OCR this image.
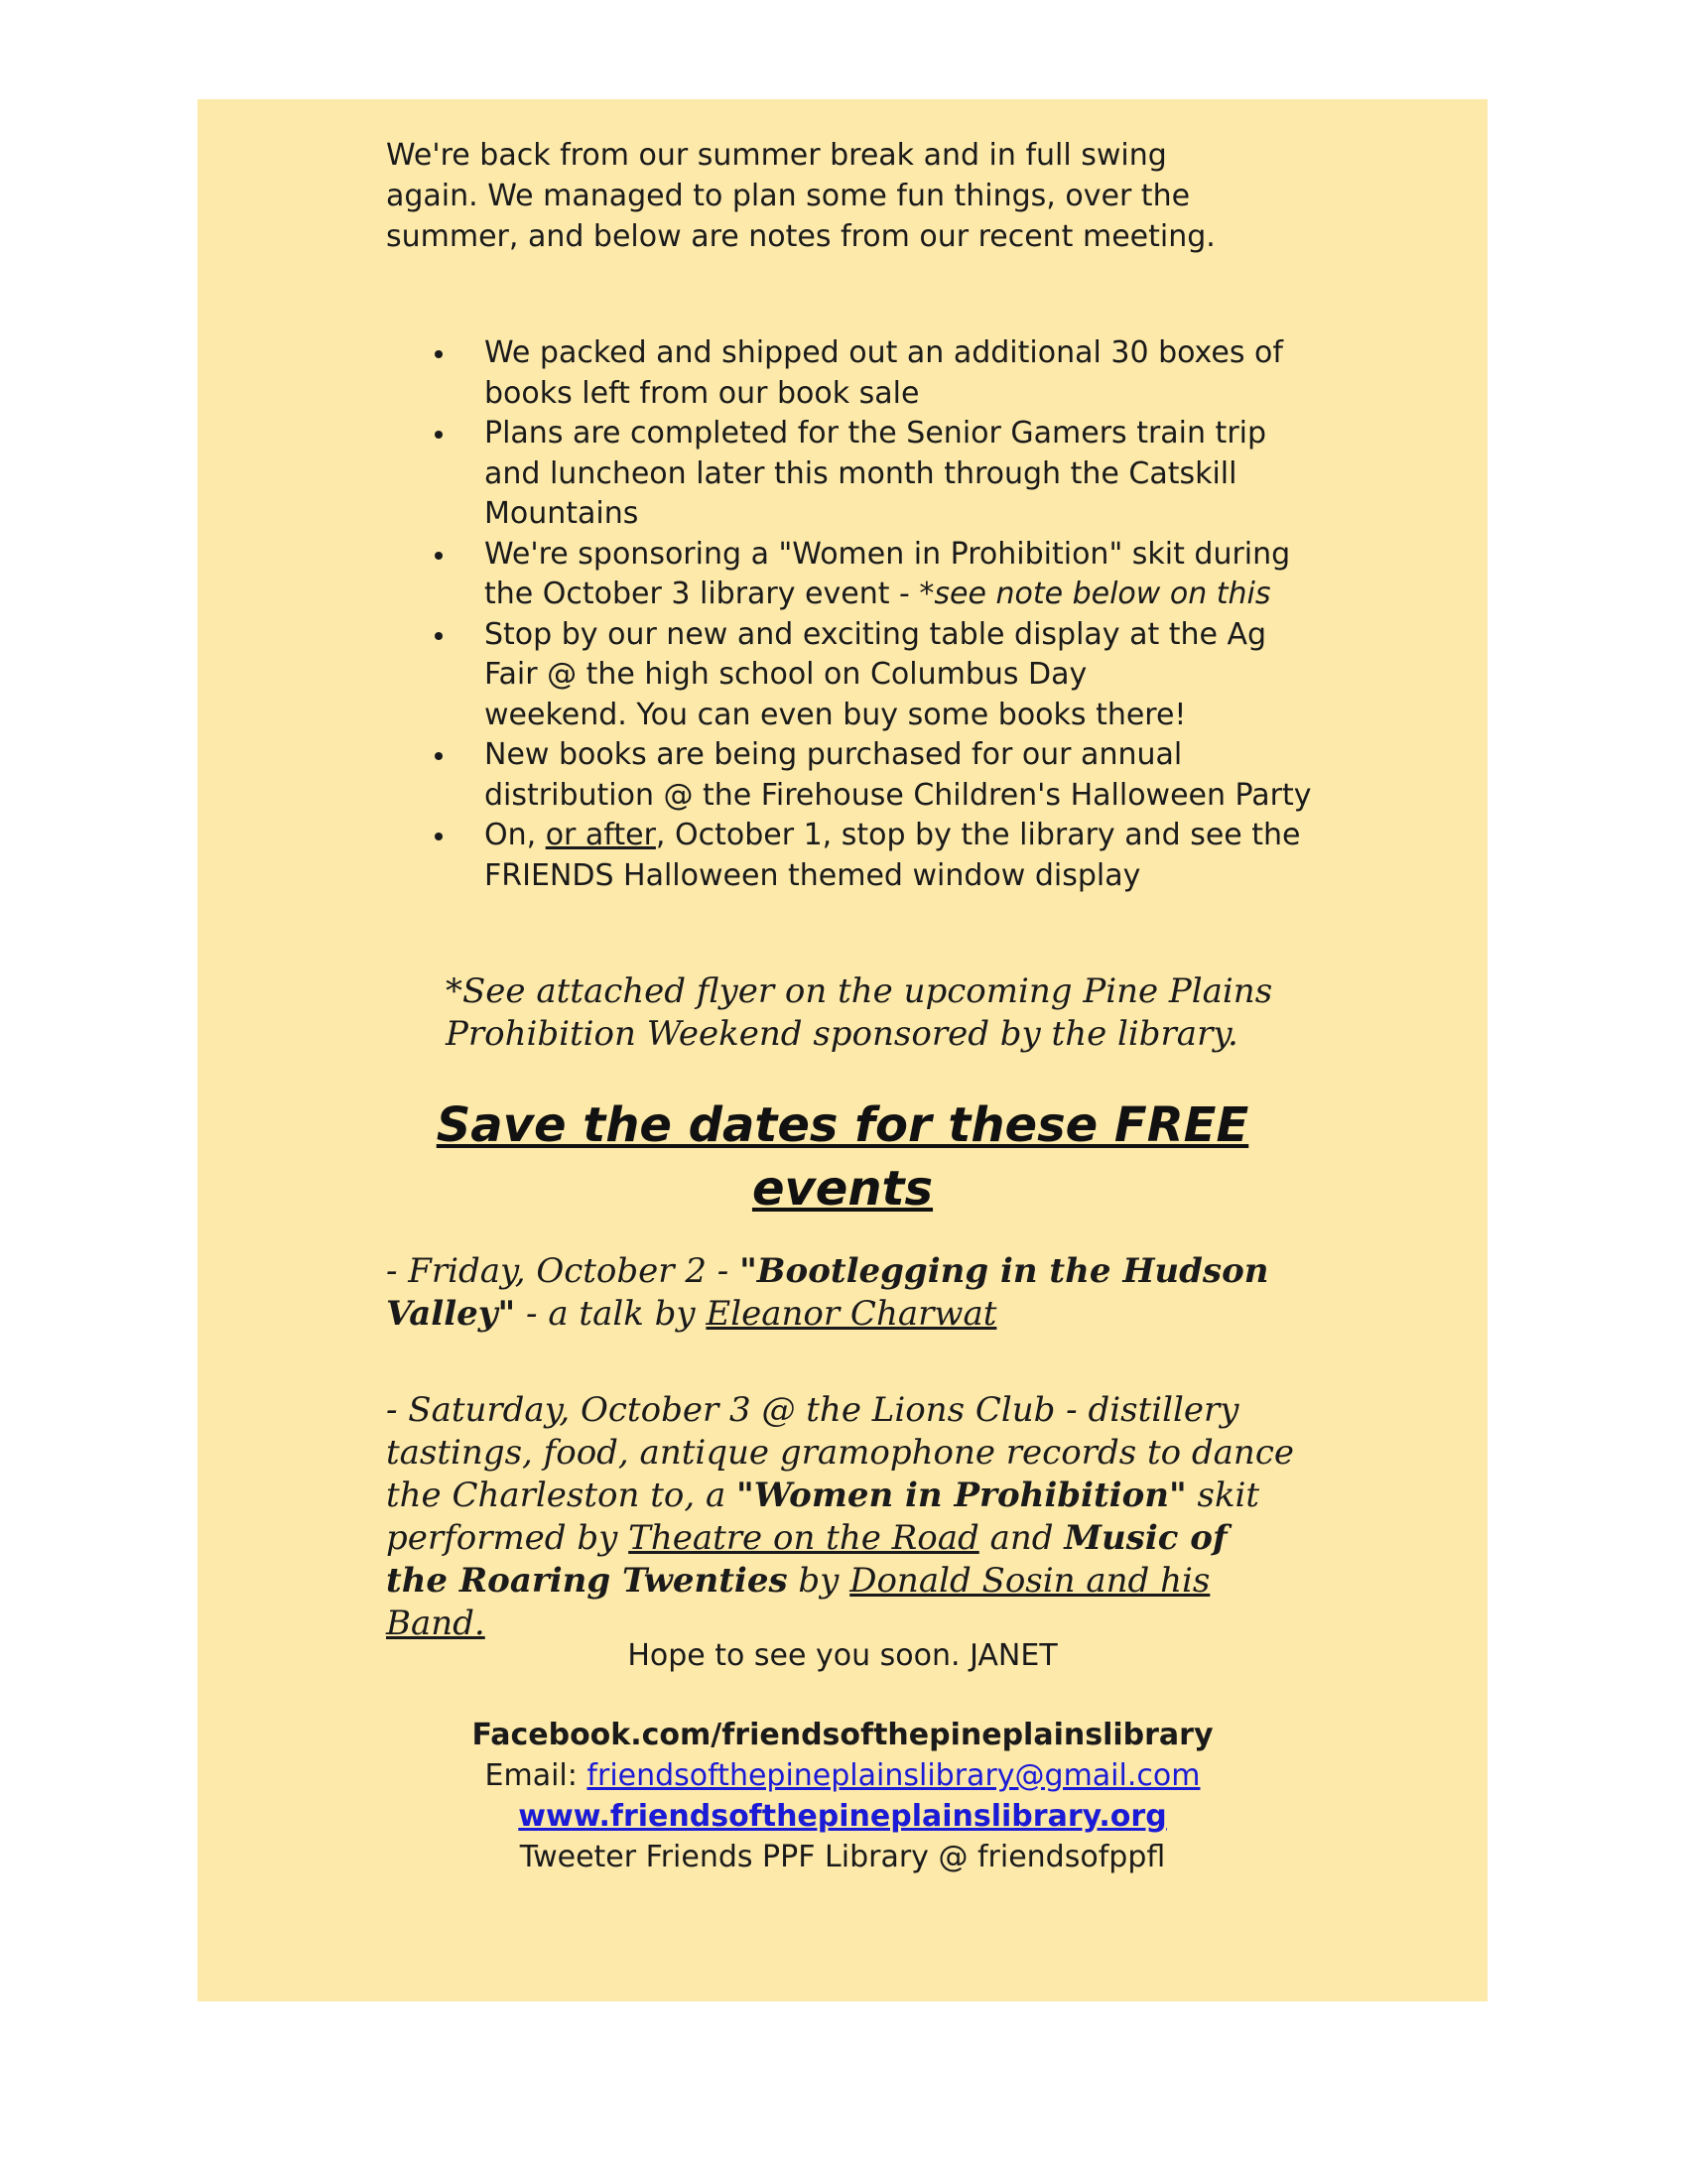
We're back from our summer break and in full swing again. We managed to plan some fun things, over the summer, and below are notes from our recent meeting.

We packed and shipped out an additional 30 boxes of
books left from our book sale
Plans are completed for the Senior Gamers train trip
and luncheon later this month through the Catskill
Mountains
We're sponsoring a "Women in Prohibition" skit during
the October 3 library event - *see note below on this
Stop by our new and exciting table display at the Ag
Fair @ the high school on Columbus Day
weekend. You can even buy some books there!
New books are being purchased for our annual
distribution @ the Firehouse Children's Halloween Party
On, or after, October 1, stop by the library and see the
FRIENDS Halloween themed window display

*See attached flyer on the upcoming Pine Plains Prohibition Weekend sponsored by the library.

Save the dates for these FREE
events

- Friday, October 2 - "Bootlegging in the Hudson Valley" - a talk by Eleanor Charwat

- Saturday, October 3 @ the Lions Club - distillery tastings, food, antique gramophone records to dance the Charleston to, a "Women in Prohibition" skit performed by Theatre on the Road and Music of the Roaring Twenties by Donald Sosin and his Band.

Hope to see you soon. JANET
Facebook.com/friendsofthepineplainslibrary
Email: friendsofthepineplainslibrary@gmail.com
www.friendsofthepineplainslibrary.org
Tweeter Friends PPF Library @ friendsofppfl
